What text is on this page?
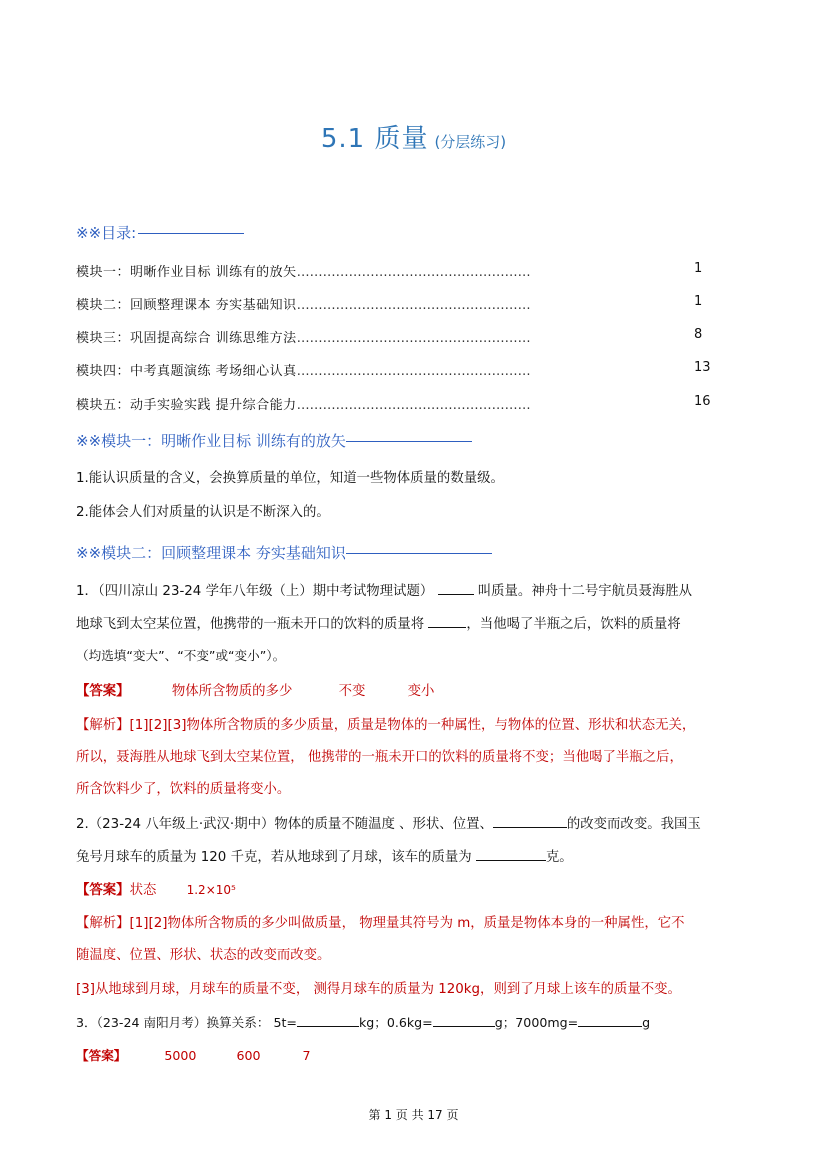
5.1 质量 (分层练习)
※※目录:
模块一：明晰作业目标 训练有的放矢………………………………………………	1
模块二：回顾整理课本 夯实基础知识………………………………………………	1
模块三：巩固提高综合 训练思维方法………………………………………………	8
模块四：中考真题演练 考场细心认真………………………………………………	13
模块五：动手实验实践 提升综合能力………………………………………………	16
※※模块一：明晰作业目标 训练有的放矢
1.能认识质量的含义，会换算质量的单位，知道一些物体质量的数量级。
2.能体会人们对质量的认识是不断深入的。
※※模块二：回顾整理课本 夯实基础知识
1．（四川凉山 23-24 学年八年级（上）期中考试物理试题）	叫质量。神舟十二号宇航员聂海胜从
地球飞到太空某位置，他携带的一瓶未开口的饮料的质量将	，当他喝了半瓶之后，饮料的质量将
（均选填“变大”、“不变”或“变小”）。
【答案】	物体所含物质的多少	不变	变小
【解析】[1][2][3]物体所含物质的多少质量，质量是物体的一种属性，与物体的位置、形状和状态无关，
所以，聂海胜从地球飞到太空某位置， 他携带的一瓶未开口的饮料的质量将不变；当他喝了半瓶之后，
所含饮料少了，饮料的质量将变小。
2.（23-24 八年级上·武汉·期中）物体的质量不随温度 、形状、位置、	的改变而改变。我国玉
兔号月球车的质量为 120 千克，若从地球到了月球，该车的质量为	克。
【答案】状态	1.2×10⁵
【解析】[1][2]物体所含物质的多少叫做质量， 物理量其符号为 m，质量是物体本身的一种属性，它不
随温度、位置、形状、状态的改变而改变。
[3]从地球到月球，月球车的质量不变， 测得月球车的质量为 120kg，则到了月球上该车的质量不变。
3．（23-24 南阳月考）换算关系： 5t=	kg；0.6kg=	g；7000mg=	g
【答案】	5000	600	7
第 1 页 共 17 页
